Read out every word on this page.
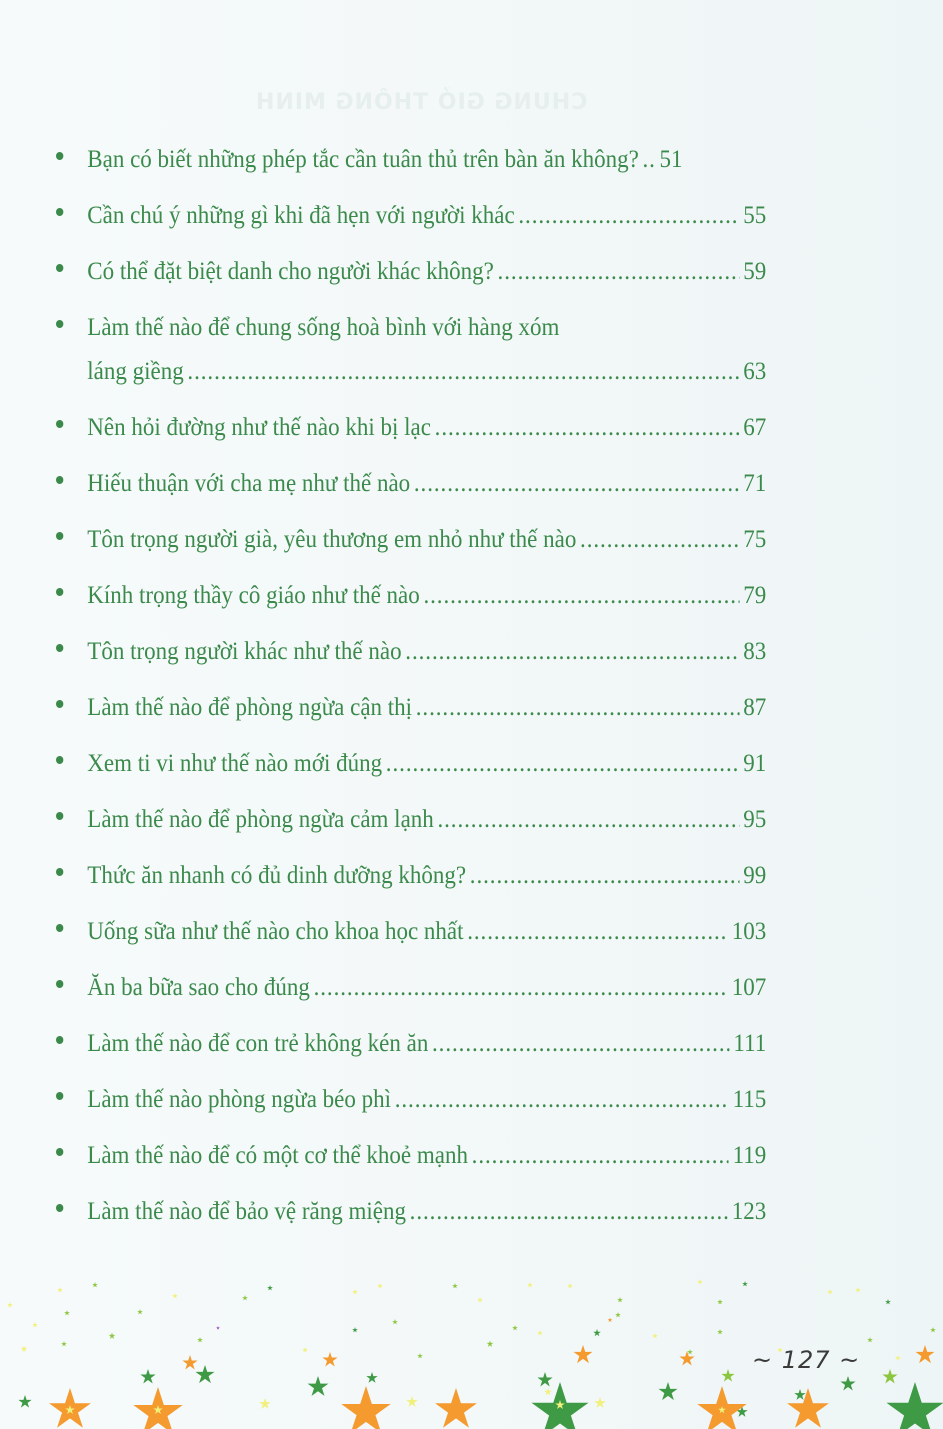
CHUNG GIỎ THÔNG MINH
Bạn có biết những phép tắc cần tuân thủ trên bàn ăn không? .. 51
Cần chú ý những gì khi đã hẹn với người khác .....	55
Có thể đặt biệt danh cho người khác không? .....	59
Làm thế nào để chung sống hoà bình với hàng xóm
láng giềng .....	63
Nên hỏi đường như thế nào khi bị lạc .....	67
Hiếu thuận với cha mẹ như thế nào .....	71
Tôn trọng người già, yêu thương em nhỏ như thế nào .....	75
Kính trọng thầy cô giáo như thế nào .....	79
Tôn trọng người khác như thế nào .....	83
Làm thế nào để phòng ngừa cận thị .....	87
Xem ti vi như thế nào mới đúng .....	91
Làm thế nào để phòng ngừa cảm lạnh .....	95
Thức ăn nhanh có đủ dinh dưỡng không? .....	99
Uống sữa như thế nào cho khoa học nhất .....	103
Ăn ba bữa sao cho đúng .....	107
Làm thế nào để con trẻ không kén ăn .....	111
Làm thế nào phòng ngừa béo phì .....	115
Làm thế nào để có một cơ thể khoẻ mạnh .....	119
Làm thế nào để bảo vệ răng miệng .....	123
~ 127 ~
